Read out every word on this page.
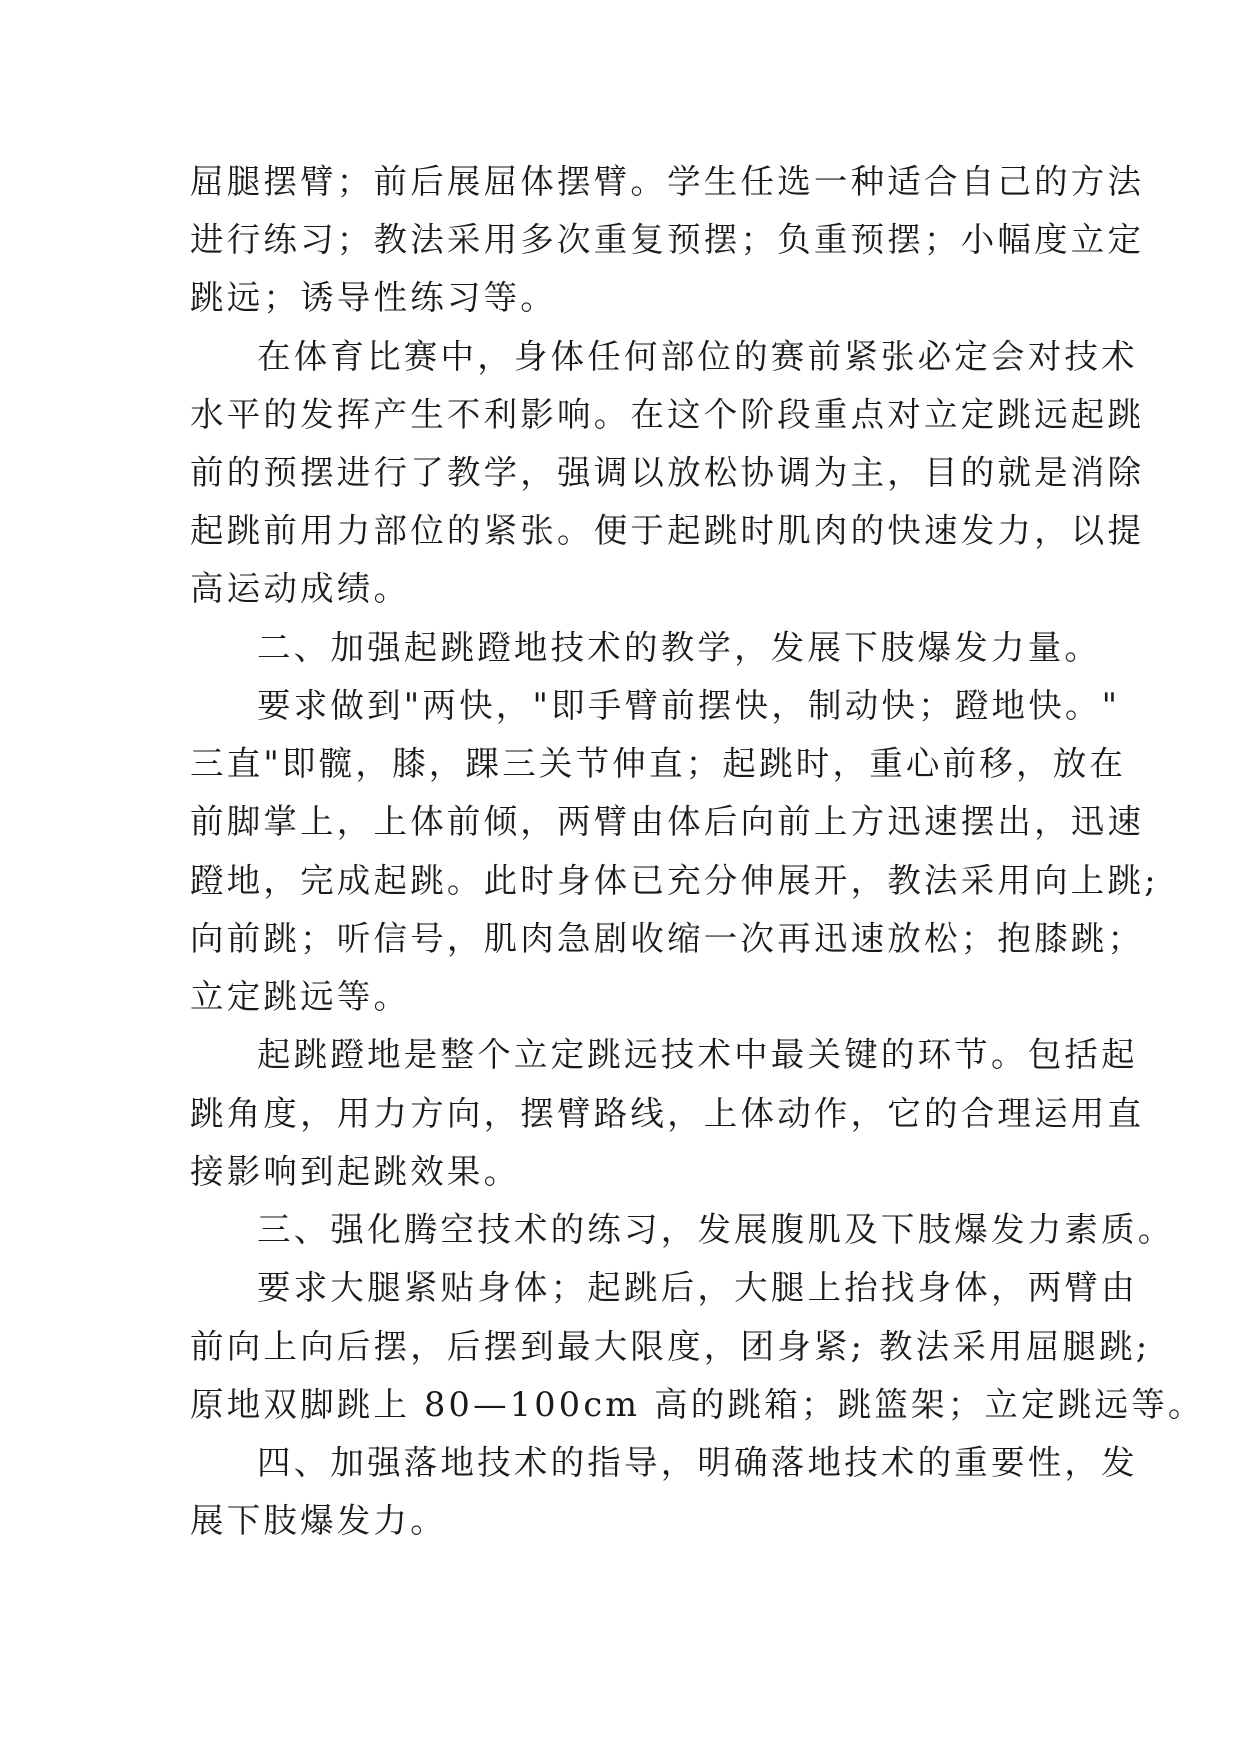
屈腿摆臂；前后展屈体摆臂。学生任选一种适合自己的方法
进行练习；教法采用多次重复预摆；负重预摆；小幅度立定
跳远；诱导性练习等。
在体育比赛中，身体任何部位的赛前紧张必定会对技术
水平的发挥产生不利影响。在这个阶段重点对立定跳远起跳
前的预摆进行了教学，强调以放松协调为主，目的就是消除
起跳前用力部位的紧张。便于起跳时肌肉的快速发力，以提
高运动成绩。
二、加强起跳蹬地技术的教学，发展下肢爆发力量。
要求做到"两快，"即手臂前摆快，制动快；蹬地快。"
三直"即髋，膝，踝三关节伸直；起跳时，重心前移，放在
前脚掌上，上体前倾，两臂由体后向前上方迅速摆出，迅速
蹬地，完成起跳。此时身体已充分伸展开，教法采用向上跳;
向前跳；听信号，肌肉急剧收缩一次再迅速放松；抱膝跳；
立定跳远等。
起跳蹬地是整个立定跳远技术中最关键的环节。包括起
跳角度，用力方向，摆臂路线，上体动作，它的合理运用直
接影响到起跳效果。
三、强化腾空技术的练习，发展腹肌及下肢爆发力素质。
要求大腿紧贴身体；起跳后，大腿上抬找身体，两臂由
前向上向后摆，后摆到最大限度，团身紧; 教法采用屈腿跳;
原地双脚跳上 80—100cm 高的跳箱；跳篮架；立定跳远等。
四、加强落地技术的指导，明确落地技术的重要性，发
展下肢爆发力。
